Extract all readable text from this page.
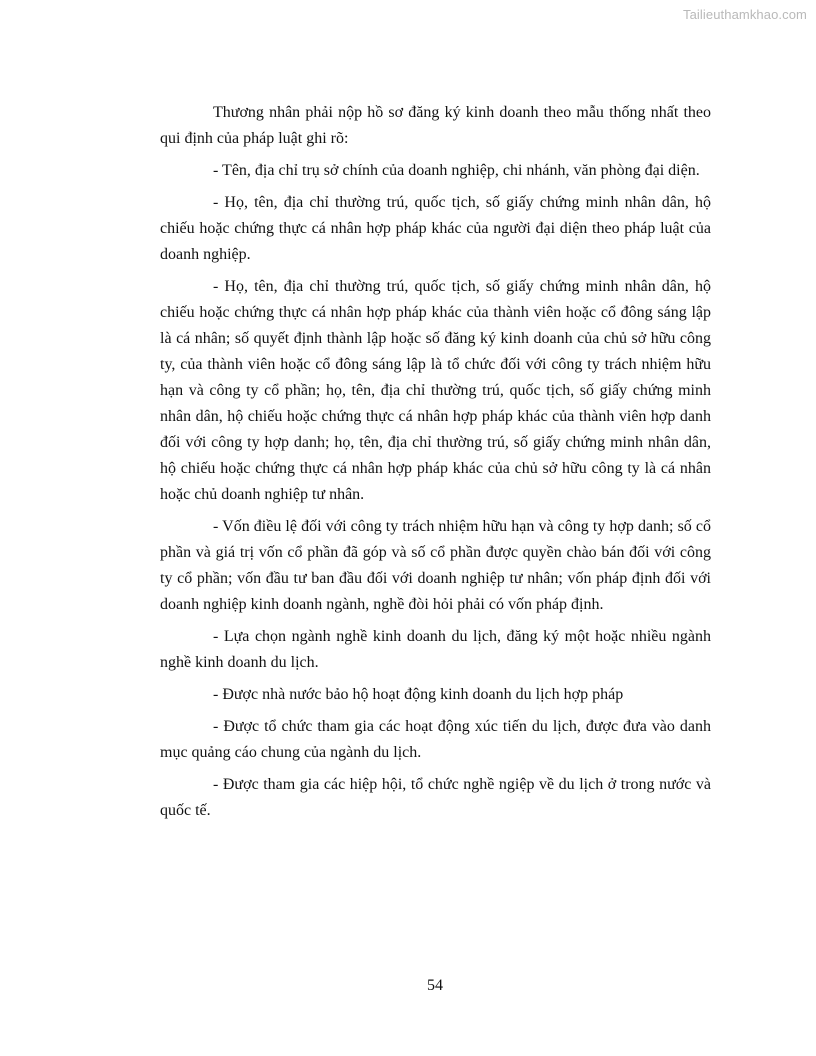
Tailieuthamkhao.com

Thương nhân phải nộp hồ sơ đăng ký kinh doanh theo mẫu thống nhất theo qui định của pháp luật ghi rõ:

- Tên, địa chỉ trụ sở chính của doanh nghiệp, chi nhánh, văn phòng đại diện.

- Họ, tên, địa chỉ thường trú, quốc tịch, số giấy chứng minh nhân dân, hộ chiếu hoặc chứng thực cá nhân hợp pháp khác của người đại diện theo pháp luật của doanh nghiệp.

- Họ, tên, địa chỉ thường trú, quốc tịch, số giấy chứng minh nhân dân, hộ chiếu hoặc chứng thực cá nhân hợp pháp khác của thành viên hoặc cổ đông sáng lập là cá nhân; số quyết định thành lập hoặc số đăng ký kinh doanh của chủ sở hữu công ty, của thành viên hoặc cổ đông sáng lập là tổ chức đối với công ty trách nhiệm hữu hạn và công ty cổ phần; họ, tên, địa chỉ thường trú, quốc tịch, số giấy chứng minh nhân dân, hộ chiếu hoặc chứng thực cá nhân hợp pháp khác của thành viên hợp danh đối với công ty hợp danh; họ, tên, địa chỉ thường trú, số giấy chứng minh nhân dân, hộ chiếu hoặc chứng thực cá nhân hợp pháp khác của chủ sở hữu công ty là cá nhân hoặc chủ doanh nghiệp tư nhân.

- Vốn điều lệ đối với công ty trách nhiệm hữu hạn và công ty hợp danh; số cổ phần và giá trị vốn cổ phần đã góp và số cổ phần được quyền chào bán đối với công ty cổ phần; vốn đầu tư ban đầu đối với doanh nghiệp tư nhân; vốn pháp định đối với doanh nghiệp kinh doanh ngành, nghề đòi hỏi phải có vốn pháp định.

- Lựa chọn ngành nghề kinh doanh du lịch, đăng ký một hoặc nhiều ngành nghề kinh doanh du lịch.

- Được nhà nước bảo hộ hoạt động kinh doanh du lịch hợp pháp

- Được tổ chức tham gia các hoạt động xúc tiến du lịch, được đưa vào danh mục quảng cáo chung của ngành du lịch.

- Được tham gia các hiệp hội, tổ chức nghề ngiệp về du lịch ở trong nước và quốc tế.

54
